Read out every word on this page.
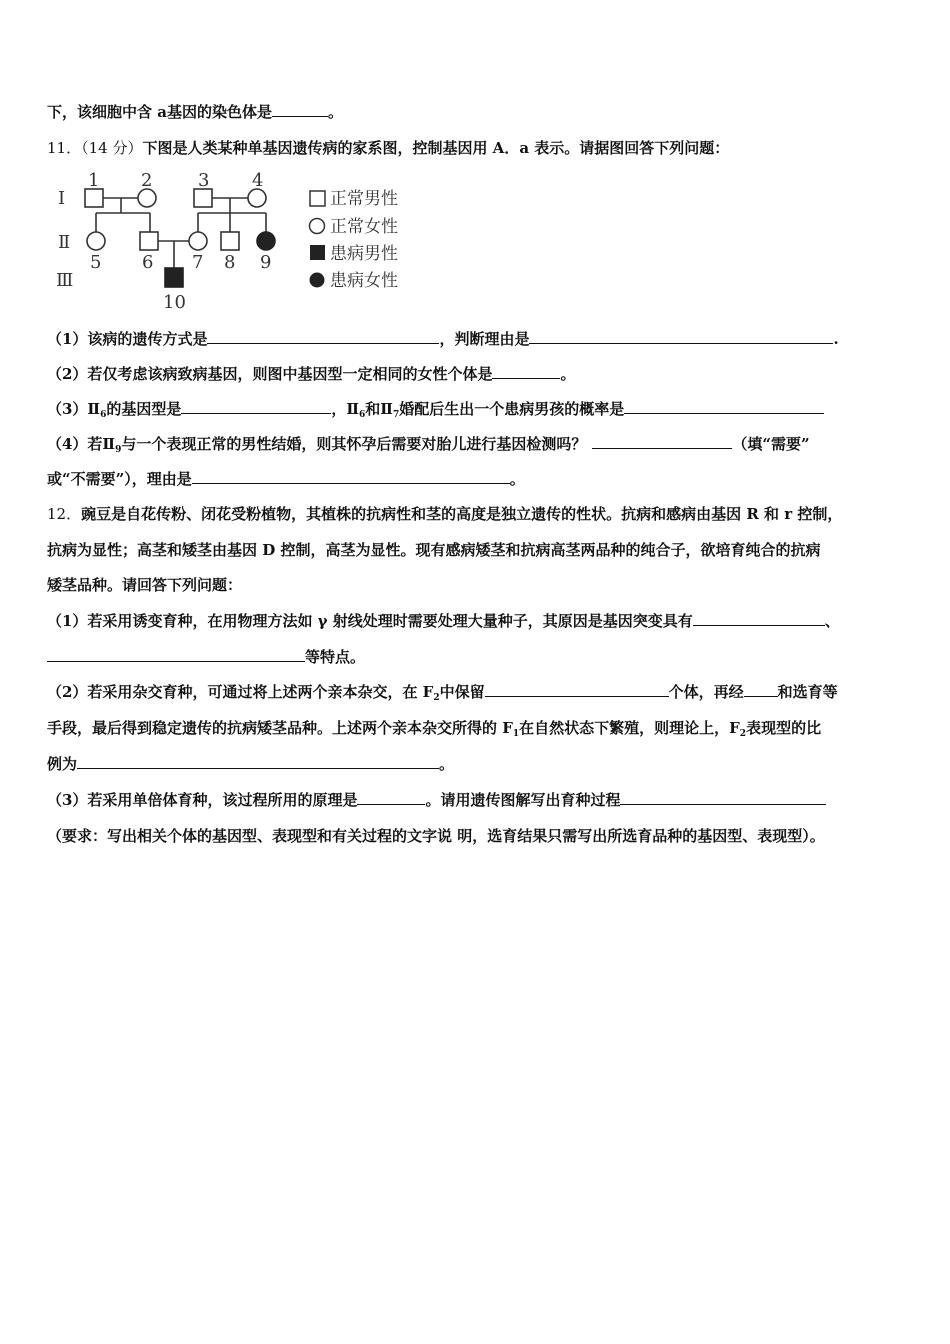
下，该细胞中含 a基因的染色体是	。
11．（14 分）下图是人类某种单基因遗传病的家系图，控制基因用 A．a 表示。请据图回答下列问题：
Ⅰ
Ⅱ
Ⅲ
1 2	3 4
5 6 7 8 9
10
正常男性
正常女性
患病男性
患病女性
（1）该病的遗传方式是	，判断理由是	.
（2）若仅考虑该病致病基因，则图中基因型一定相同的女性个体是	。
$(3)Ⅱ_6$的基因型是	，$Ⅱ_6$和$Ⅱ_7$婚配后生出一个患病男孩的概率是
（4）若$Ⅱ_9$与一个表现正常的男性结婚，则其怀孕后需要对胎儿进行基因检测吗？	（填“需要”
或“不需要”），理由是	。
12．豌豆是自花传粉、闭花受粉植物，其植株的抗病性和茎的高度是独立遗传的性状。抗病和感病由基因 R 和 r 控制，
抗病为显性；高茎和矮茎由基因 D 控制，高茎为显性。现有感病矮茎和抗病高茎两品种的纯合子，欲培育纯合的抗病
矮茎品种。请回答下列问题：
（1）若采用诱变育种，在用物理方法如 γ 射线处理时需要处理大量种子，其原因是基因突变具有	、
等特点。
（2）若采用杂交育种，可通过将上述两个亲本杂交，在 $F_2$中保留	个体，再经 和选育等
手段，最后得到稳定遗传的抗病矮茎品种。上述两个亲本杂交所得的 $F_1$在自然状态下繁殖，则理论上，$F_2$表现型的比
例为	。
（3）若采用单倍体育种，该过程所用的原理是	。请用遗传图解写出育种过程
（要求：写出相关个体的基因型、表现型和有关过程的文字说 明，选育结果只需写出所选育品种的基因型、表现型）。
